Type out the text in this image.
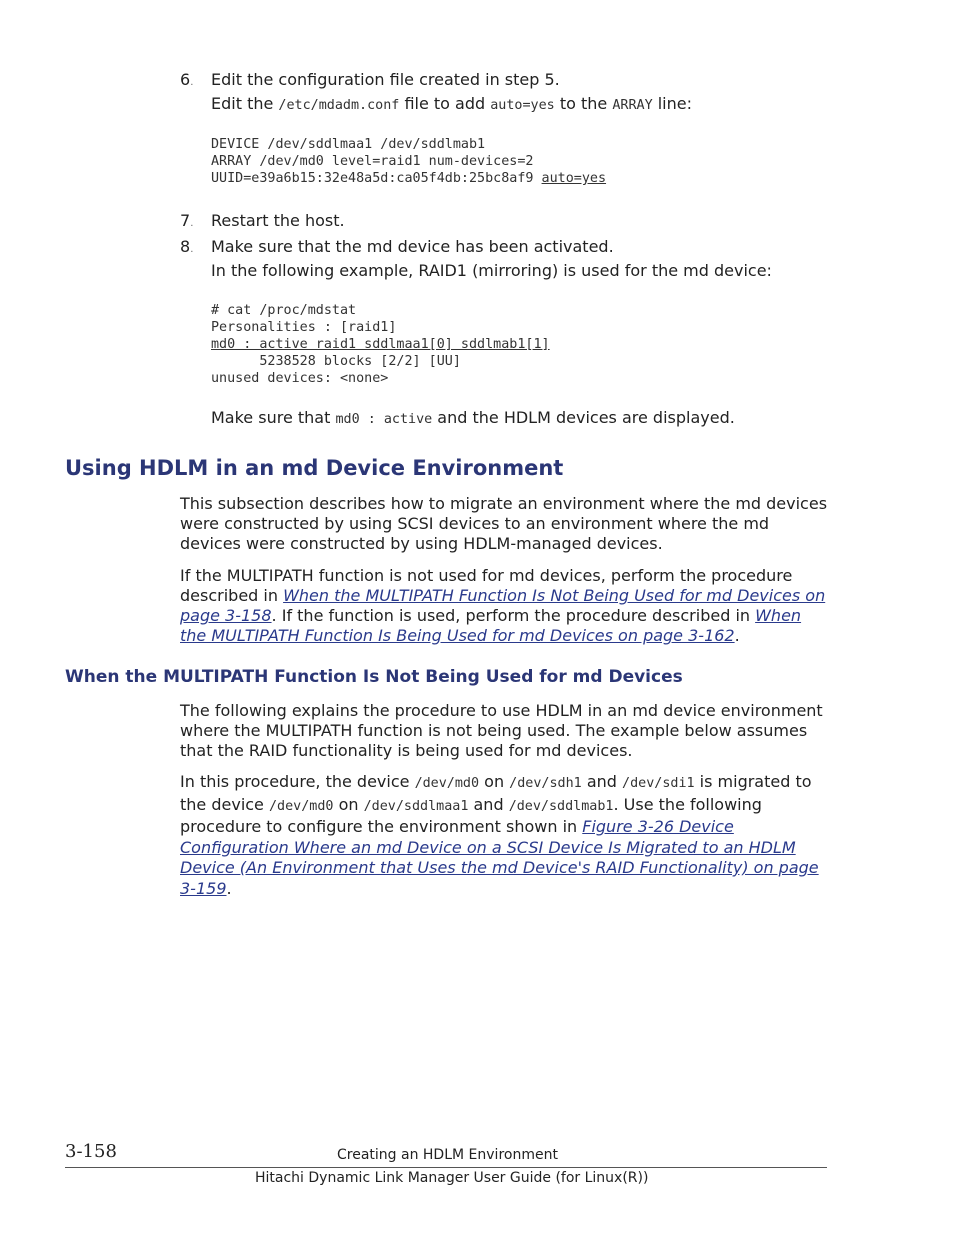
6. Edit the configuration file created in step 5.
Edit the /etc/mdadm.conf file to add auto=yes to the ARRAY line:
DEVICE /dev/sddlmaa1 /dev/sddlmab1
ARRAY /dev/md0 level=raid1 num-devices=2
UUID=e39a6b15:32e48a5d:ca05f4db:25bc8af9 auto=yes
7. Restart the host.
8. Make sure that the md device has been activated.
In the following example, RAID1 (mirroring) is used for the md device:
# cat /proc/mdstat
Personalities : [raid1]
md0 : active raid1 sddlmaa1[0] sddlmab1[1]
5238528 blocks [2/2] [UU]
unused devices: <none>
Make sure that md0 : active and the HDLM devices are displayed.
Using HDLM in an md Device Environment
This subsection describes how to migrate an environment where the md devices were constructed by using SCSI devices to an environment where the md devices were constructed by using HDLM-managed devices.
If the MULTIPATH function is not used for md devices, perform the procedure described in When the MULTIPATH Function Is Not Being Used for md Devices on page 3-158. If the function is used, perform the procedure described in When the MULTIPATH Function Is Being Used for md Devices on page 3-162.
When the MULTIPATH Function Is Not Being Used for md Devices
The following explains the procedure to use HDLM in an md device environment where the MULTIPATH function is not being used. The example below assumes that the RAID functionality is being used for md devices.
In this procedure, the device /dev/md0 on /dev/sdh1 and /dev/sdi1 is migrated to the device /dev/md0 on /dev/sddlmaa1 and /dev/sddlmab1. Use the following procedure to configure the environment shown in Figure 3-26 Device Configuration Where an md Device on a SCSI Device Is Migrated to an HDLM Device (An Environment that Uses the md Device's RAID Functionality) on page 3-159.
3-158	Creating an HDLM Environment
Hitachi Dynamic Link Manager User Guide (for Linux(R))
